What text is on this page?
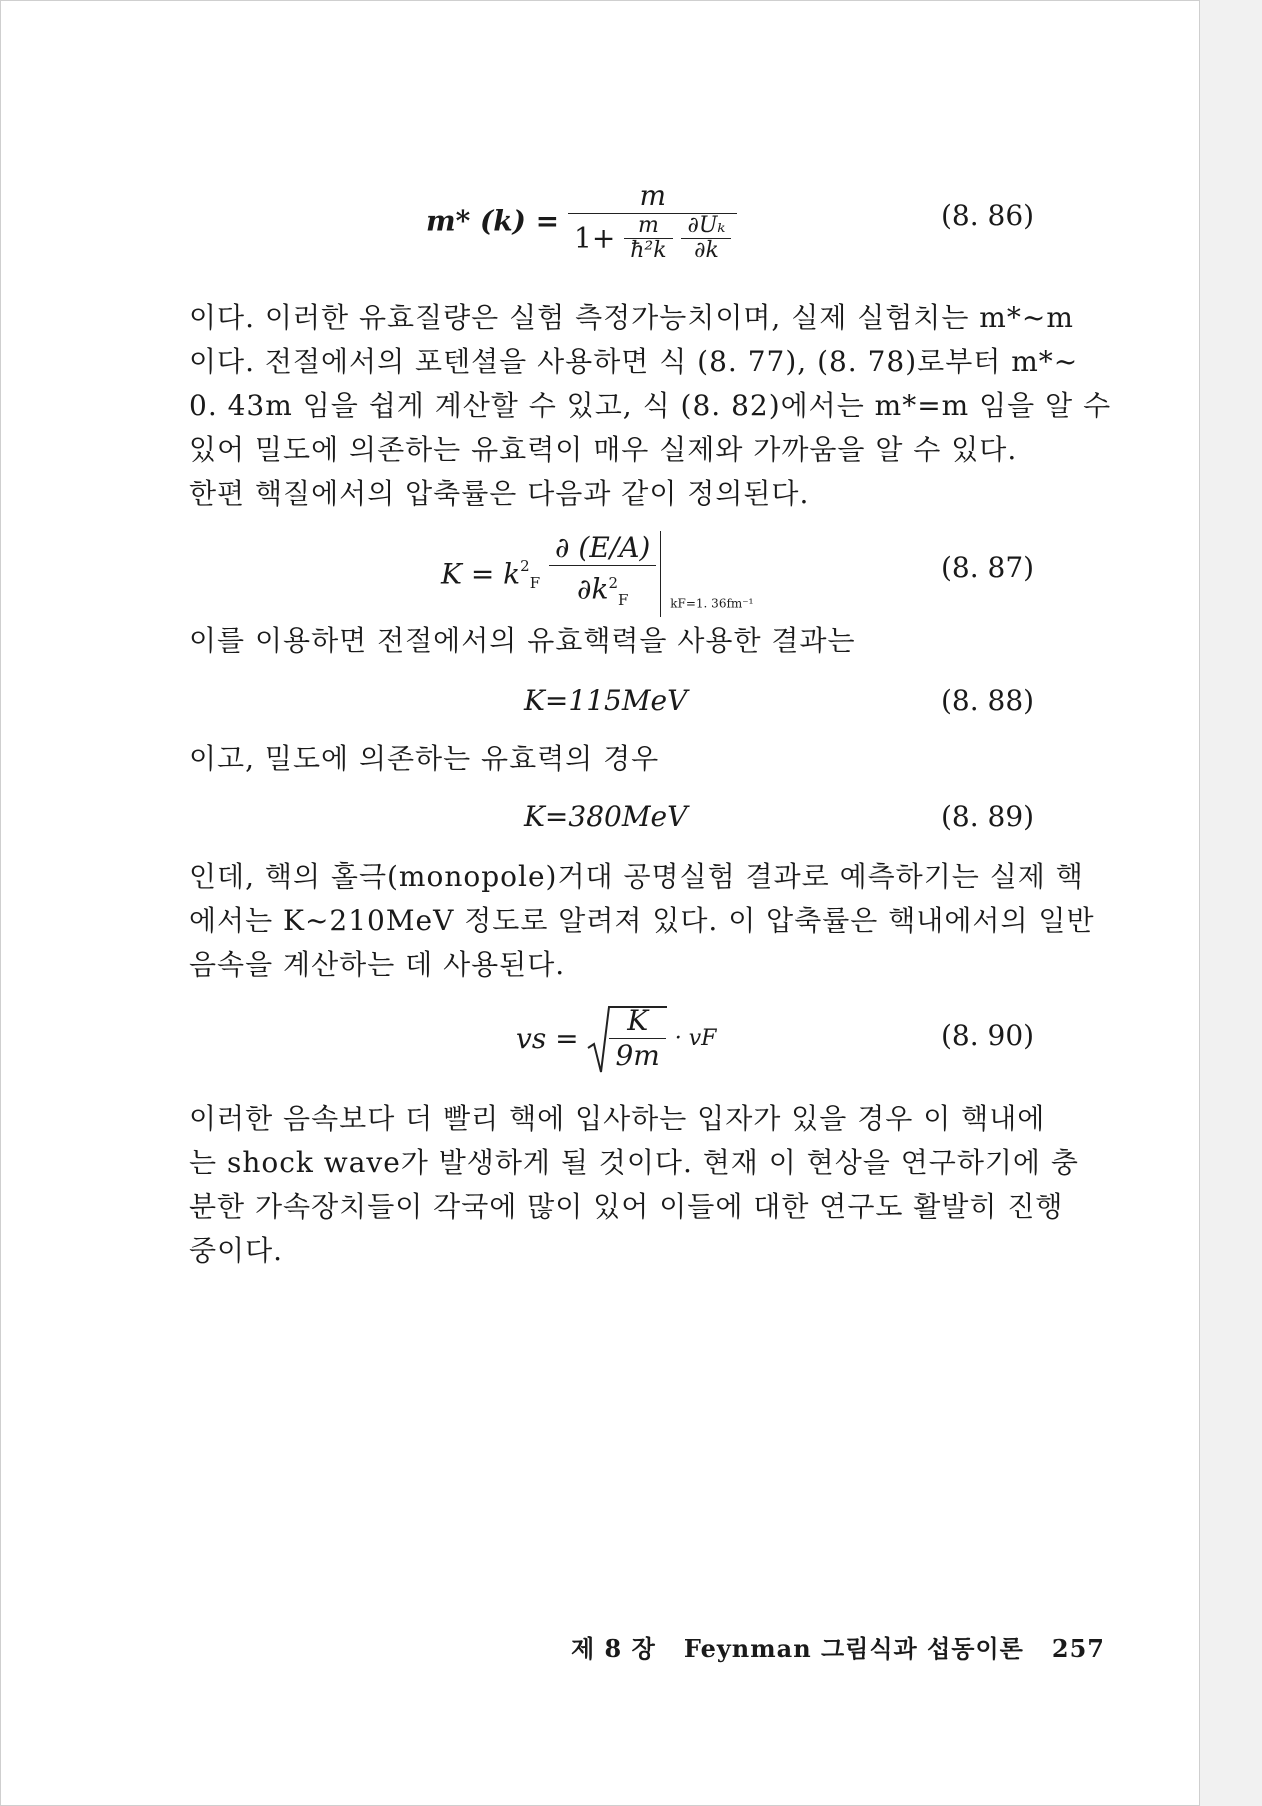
m* (k) =
m
$1+ \frac{m}{\text{ħ²k}}$
$\frac{\text{∂Uₖ}}{\partial k}$	(8. 86)
이다. 이러한 유효질량은 실험 측정가능치이며, 실제 실험치는 m*~m
이다. 전절에서의 포텐셜을 사용하면 식 (8. 77), (8. 78)로부터 m*~
0. 43m 임을 쉽게 계산할 수 있고, 식 (8. 82)에서는 m*=m 임을 알 수
있어 밀도에 의존하는 유효력이 매우 실제와 가까움을 알 수 있다.
한편 핵질에서의 압축률은 다음과 같이 정의된다.
$K = k^2_F \frac{\partial (E/A)}{\partial k^2_F} _{kF=1. 36fm^{-1}}$
(8. 87)
이를 이용하면 전절에서의 유효핵력을 사용한 결과는
K=115MeV	(8. 88)
이고, 밀도에 의존하는 유효력의 경우
K=380MeV	(8. 89)
인데, 핵의 홀극(monopole)거대 공명실험 결과로 예측하기는 실제 핵
에서는 K~210MeV 정도로 알려져 있다. 이 압축률은 핵내에서의 일반
음속을 계산하는 데 사용된다.
vs = $\frac{K}{9m}$ · vF	(8. 90)
이러한 음속보다 더 빨리 핵에 입사하는 입자가 있을 경우 이 핵내에
는 shock wave가 발생하게 될 것이다. 현재 이 현상을 연구하기에 충
분한 가속장치들이 각국에 많이 있어 이들에 대한 연구도 활발히 진행
중이다.
제 8 장 Feynman 그림식과 섭동이론 257
